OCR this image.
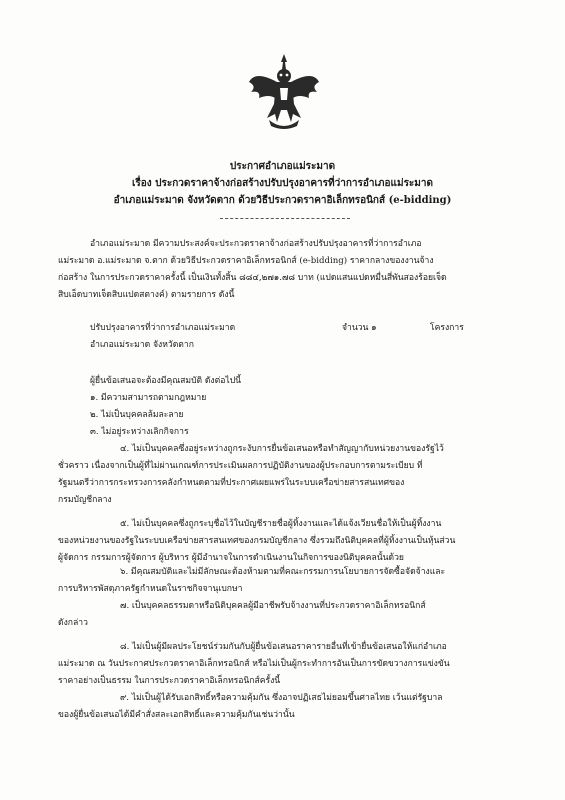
ประกาศอำเภอแม่ระมาด
เรื่อง ประกวดราคาจ้างก่อสร้างปรับปรุงอาคารที่ว่าการอำเภอแม่ระมาด
อำเภอแม่ระมาด จังหวัดตาก ด้วยวิธีประกวดราคาอิเล็กทรอนิกส์ (e-bidding)
อำเภอแม่ระมาด มีความประสงค์จะประกวดราคาจ้างก่อสร้างปรับปรุงอาคารที่ว่าการอำเภอ
แม่ระมาด อ.แม่ระมาด จ.ตาก ด้วยวิธีประกวดราคาอิเล็กทรอนิกส์ (e-bidding) ราคากลางของงานจ้าง
ก่อสร้าง ในการประกวดราคาครั้งนี้ เป็นเงินทั้งสิ้น ๘๘๔,๒๗๑.๗๘ บาท (แปดแสนแปดหมื่นสี่พันสองร้อยเจ็ด
สิบเอ็ดบาทเจ็ดสิบแปดสตางค์) ตามรายการ ดังนี้
ปรับปรุงอาคารที่ว่าการอำเภอแม่ระมาด	จำนวน ๑	โครงการ
อำเภอแม่ระมาด จังหวัดตาก
ผู้ยื่นข้อเสนอจะต้องมีคุณสมบัติ ดังต่อไปนี้
๑. มีความสามารถตามกฎหมาย
๒. ไม่เป็นบุคคลล้มละลาย
๓. ไม่อยู่ระหว่างเลิกกิจการ
๔. ไม่เป็นบุคคลซึ่งอยู่ระหว่างถูกระงับการยื่นข้อเสนอหรือทำสัญญากับหน่วยงานของรัฐไว้
ชั่วคราว เนื่องจากเป็นผู้ที่ไม่ผ่านเกณฑ์การประเมินผลการปฏิบัติงานของผู้ประกอบการตามระเบียบ ที่
รัฐมนตรีว่าการกระทรวงการคลังกำหนดตามที่ประกาศเผยแพร่ในระบบเครือข่ายสารสนเทศของ
กรมบัญชีกลาง
๕. ไม่เป็นบุคคลซึ่งถูกระบุชื่อไว้ในบัญชีรายชื่อผู้ทิ้งงานและได้แจ้งเวียนชื่อให้เป็นผู้ทิ้งงาน
ของหน่วยงานของรัฐในระบบเครือข่ายสารสนเทศของกรมบัญชีกลาง ซึ่งรวมถึงนิติบุคคลที่ผู้ทิ้งงานเป็นหุ้นส่วน
ผู้จัดการ กรรมการผู้จัดการ ผู้บริหาร ผู้มีอำนาจในการดำเนินงานในกิจการของนิติบุคคลนั้นด้วย
๖. มีคุณสมบัติและไม่มีลักษณะต้องห้ามตามที่คณะกรรมการนโยบายการจัดซื้อจัดจ้างและ
การบริหารพัสดุภาครัฐกำหนดในราชกิจจานุเบกษา
๗. เป็นบุคคลธรรมดาหรือนิติบุคคลผู้มีอาชีพรับจ้างงานที่ประกวดราคาอิเล็กทรอนิกส์
ดังกล่าว
๘. ไม่เป็นผู้มีผลประโยชน์ร่วมกันกับผู้ยื่นข้อเสนอราคารายอื่นที่เข้ายื่นข้อเสนอให้แก่อำเภอ
แม่ระมาด ณ วันประกาศประกวดราคาอิเล็กทรอนิกส์ หรือไม่เป็นผู้กระทำการอันเป็นการขัดขวางการแข่งขัน
ราคาอย่างเป็นธรรม ในการประกวดราคาอิเล็กทรอนิกส์ครั้งนี้
๙. ไม่เป็นผู้ได้รับเอกสิทธิ์หรือความคุ้มกัน ซึ่งอาจปฏิเสธไม่ยอมขึ้นศาลไทย เว้นแต่รัฐบาล
ของผู้ยื่นข้อเสนอได้มีคำสั่งสละเอกสิทธิ์และความคุ้มกันเช่นว่านั้น
